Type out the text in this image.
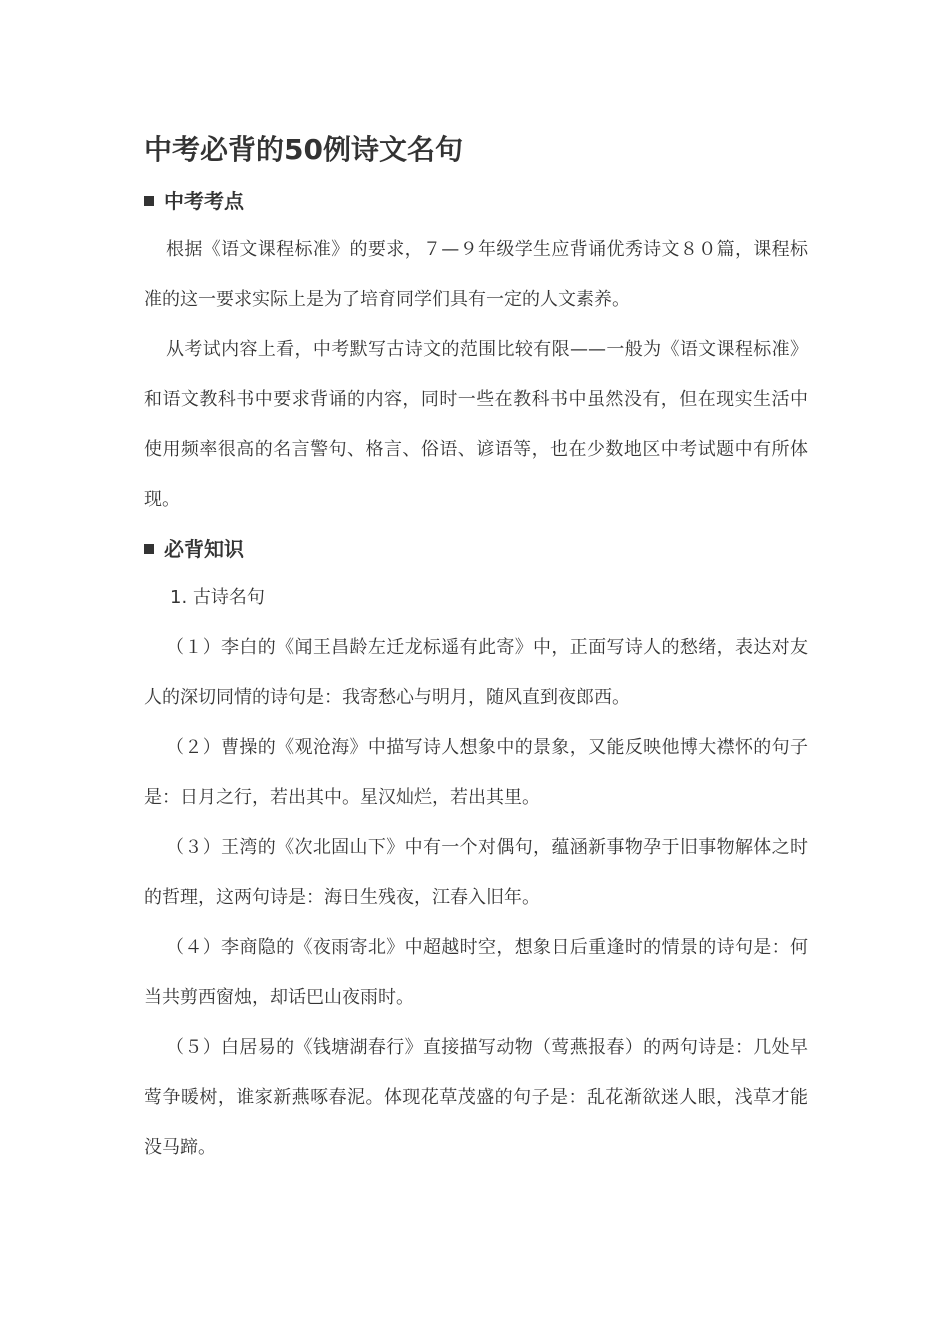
中考必背的50例诗文名句
中考考点

根据《语文课程标准》的要求，７—９年级学生应背诵优秀诗文８０篇，课程标准的这一要求实际上是为了培育同学们具有一定的人文素养。

从考试内容上看，中考默写古诗文的范围比较有限——一般为《语文课程标准》和语文教科书中要求背诵的内容，同时一些在教科书中虽然没有，但在现实生活中使用频率很高的名言警句、格言、俗语、谚语等，也在少数地区中考试题中有所体现。

必背知识

1. 古诗名句

（１）李白的《闻王昌龄左迁龙标遥有此寄》中，正面写诗人的愁绪，表达对友人的深切同情的诗句是：我寄愁心与明月，随风直到夜郎西。

（２）曹操的《观沧海》中描写诗人想象中的景象，又能反映他博大襟怀的句子是：日月之行，若出其中。星汉灿烂，若出其里。

（３）王湾的《次北固山下》中有一个对偶句，蕴涵新事物孕于旧事物解体之时的哲理，这两句诗是：海日生残夜，江春入旧年。

（４）李商隐的《夜雨寄北》中超越时空，想象日后重逢时的情景的诗句是：何当共剪西窗烛，却话巴山夜雨时。

（５）白居易的《钱塘湖春行》直接描写动物（莺燕报春）的两句诗是：几处早莺争暖树，谁家新燕啄春泥。体现花草茂盛的句子是：乱花渐欲迷人眼，浅草才能没马蹄。
